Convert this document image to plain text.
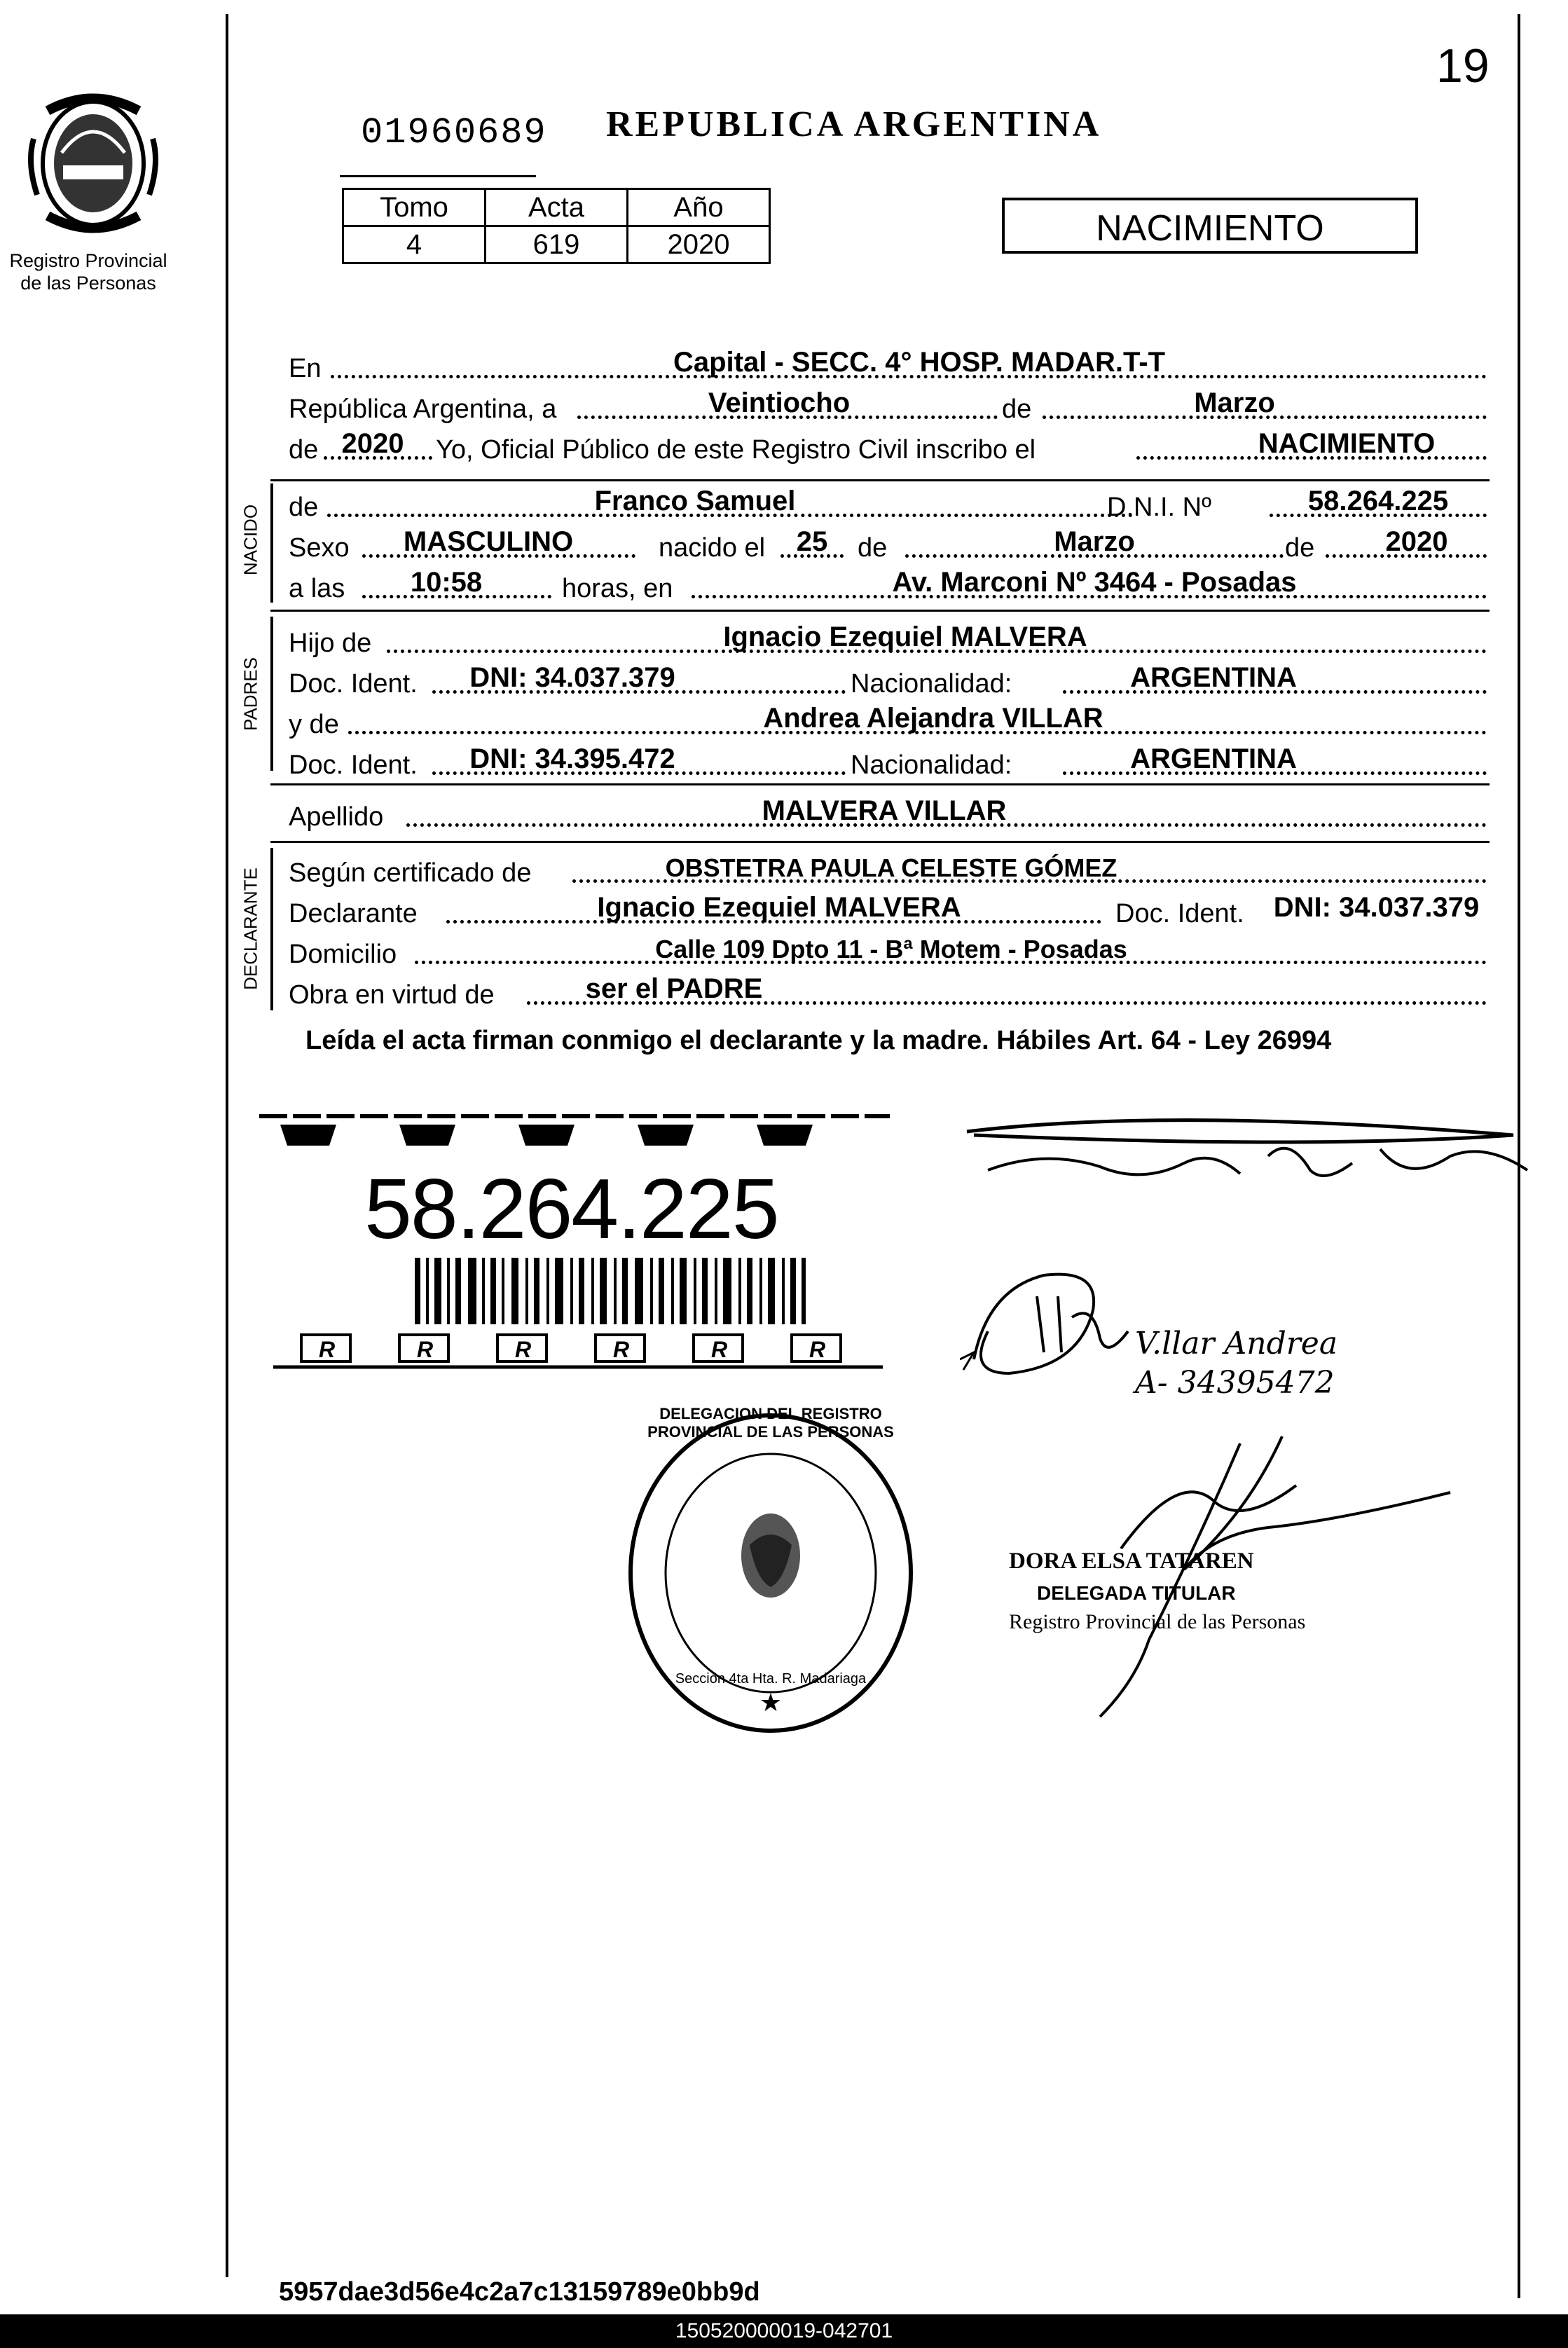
19
Registro Provincial
de las Personas
01960689 REPUBLICA ARGENTINA
Tomo	Acta	Año
4	619	2020	NACIMIENTO
En	Capital - SECC. 4° HOSP. MADAR.T-T
República Argentina, a	Veintiocho	de	Marzo
de 2020	Yo, Oficial Público de este Registro Civil inscribo el	NACIMIENTO
NACIDO de	Franco Samuel	D.N.I. Nº	58.264.225
Sexo	MASCULINO	nacido el	25	de	Marzo	de	2020
a las	10:58	horas, en	Av. Marconi Nº 3464 - Posadas
PADRES
Hijo de	Ignacio Ezequiel MALVERA
Doc. Ident.	DNI: 34.037.379	Nacionalidad:	ARGENTINA
y de	Andrea Alejandra VILLAR
Doc. Ident.	DNI: 34.395.472	Nacionalidad:	ARGENTINA
Apellido	MALVERA VILLAR
DECLARANTE Según certificado de	OBSTETRA PAULA CELESTE GÓMEZ
Declarante	Ignacio Ezequiel MALVERA	Doc. Ident. DNI: 34.037.379
Domicilio	Calle 109 Dpto 11 - Bª Motem - Posadas
Obra en virtud de	ser el PADRE
Leída el acta firman conmigo el declarante y la madre. Hábiles Art. 64 - Ley 26994
R	R	R	R	R	R
58.264.225
V.llar Andrea A- 34395472
DORA ELSA TATAREN
DELEGADA TITULAR
Registro Provincial de las Personas
★
DELEGACION DEL REGISTRO PROVINCIAL DE LAS PERSONAS
Sección 4ta Hta. R. Madariaga
5957dae3d56e4c2a7c13159789e0bb9d
150520000019-042701
